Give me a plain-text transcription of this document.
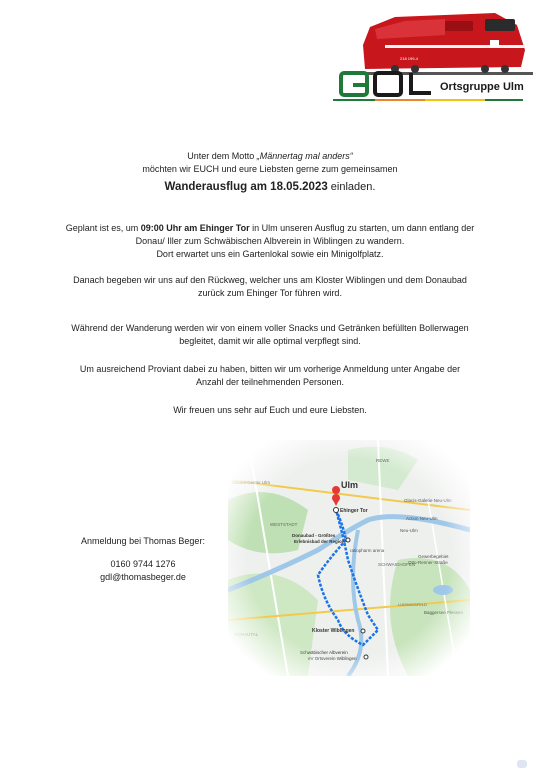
218 199-4
Ortsgruppe Ulm
Unter dem Motto „Männertag mal anders“
möchten wir EUCH und eure Liebsten gerne zum gemeinsamen
Wanderausflug am 18.05.2023 einladen.
Geplant ist es, um 09:00 Uhr am Ehinger Tor in Ulm unseren Ausflug zu starten, um dann entlang der
Donau/ Iller zum Schwäbischen Albverein in Wiblingen zu wandern.
Dort erwartet uns ein Gartenlokal sowie ein Minigolfplatz.
Danach begeben wir uns auf den Rückweg, welcher uns am Kloster Wiblingen und dem Donaubad
zurück zum Ehinger Tor führen wird.
Während der Wanderung werden wir von einem voller Snacks und Getränken befüllten Bollerwagen
begleitet, damit wir alle optimal verpflegt sind.
Um ausreichend Proviant dabei zu haben, bitten wir um vorherige Anmeldung unter Angabe der
Anzahl der teilnehmenden Personen.
Wir freuen uns sehr auf Euch und eure Liebsten.
Anmeldung bei Thomas Beger:
0160 9744 1276
gdl@thomasbeger.de
